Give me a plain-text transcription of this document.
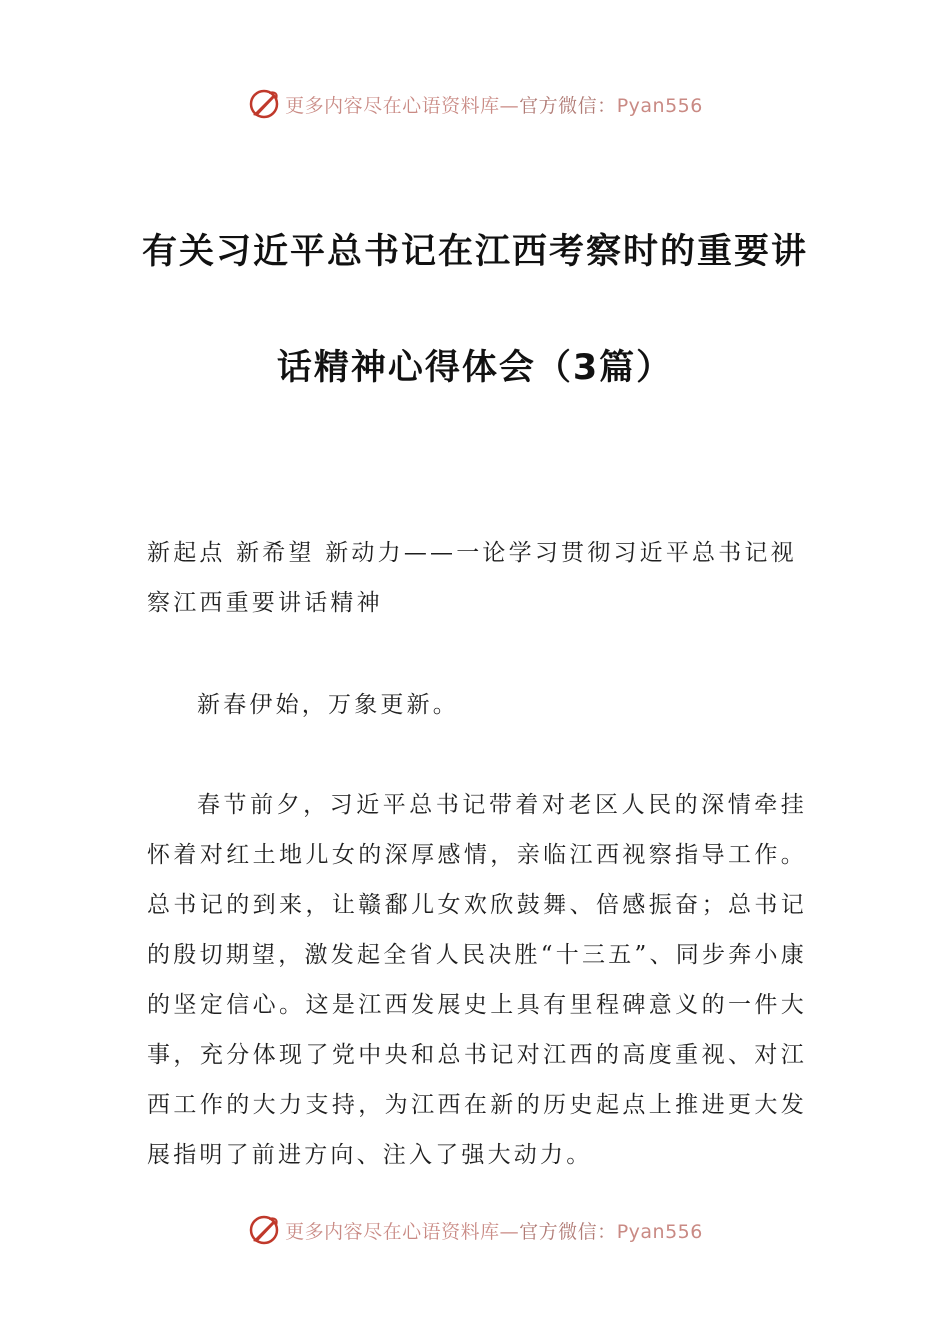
更多内容尽在心语资料库—官方微信：Pyan556
有关习近平总书记在江西考察时的重要讲
话精神心得体会（3篇）
新起点 新希望 新动力——一论学习贯彻习近平总书记视察江西重要讲话精神
新春伊始，万象更新。
春节前夕，习近平总书记带着对老区人民的深情牵挂怀着对红土地儿女的深厚感情，亲临江西视察指导工作。总书记的到来，让赣鄱儿女欢欣鼓舞、倍感振奋；总书记的殷切期望，激发起全省人民决胜“十三五”、同步奔小康的坚定信心。这是江西发展史上具有里程碑意义的一件大事，充分体现了党中央和总书记对江西的高度重视、对江西工作的大力支持，为江西在新的历史起点上推进更大发展指明了前进方向、注入了强大动力。
更多内容尽在心语资料库—官方微信：Pyan556
